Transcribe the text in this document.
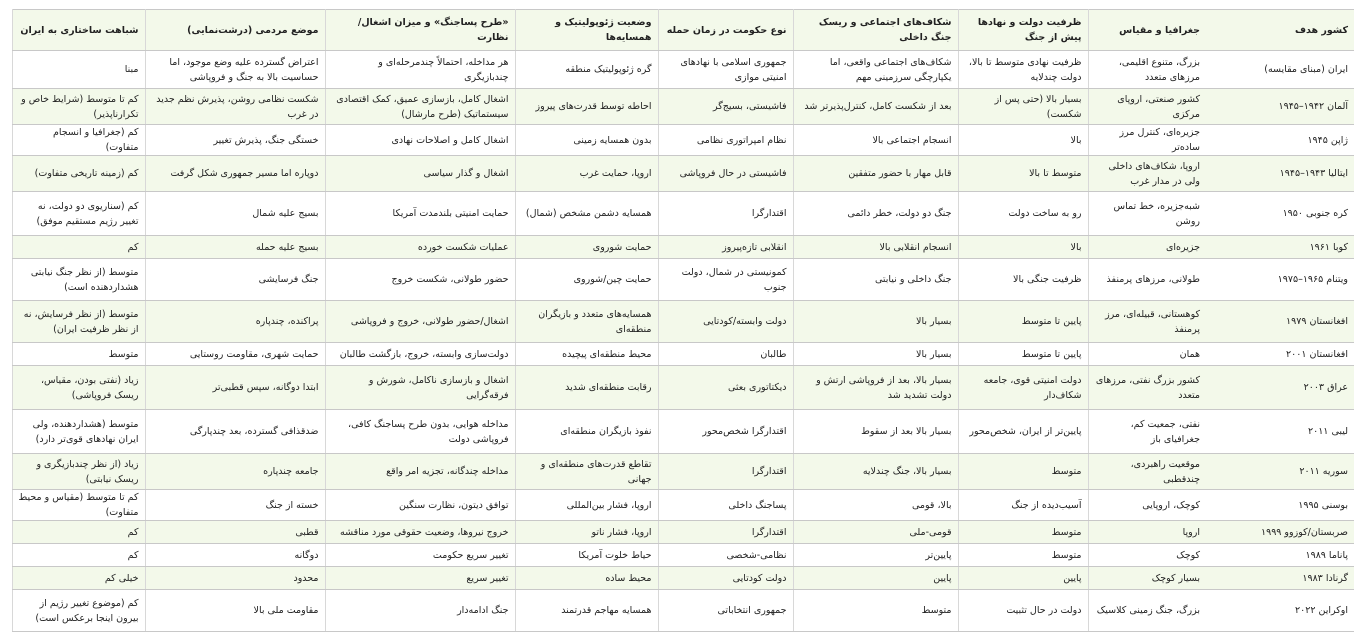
کشور هدف	جغرافیا و مقیاس	ظرفیت دولت و نهادها پیش از جنگ	شکاف‌های اجتماعی و ریسک جنگ داخلی	نوع حکومت در زمان حمله	وضعیت ژئوپولیتیک و همسایه‌ها	«طرح پساجنگ» و میزان اشغال/نظارت	موضع مردمی (درشت‌نمایی)	شباهت ساختاری به ایران
ایران (مبنای مقایسه)	بزرگ، متنوع اقلیمی، مرزهای متعدد	ظرفیت نهادی متوسط تا بالا، دولت چندلایه	شکاف‌های اجتماعی واقعی، اما یکپارچگی سرزمینی مهم	جمهوری اسلامی با نهادهای امنیتی موازی	گره ژئوپولیتیک منطقه	هر مداخله، احتمالاً چندمرحله‌ای و چندبازیگری	اعتراض گسترده علیه وضع موجود، اما حساسیت بالا به جنگ و فروپاشی	مبنا
آلمان ۱۹۴۲–۱۹۴۵	کشور صنعتی، اروپای مرکزی	بسیار بالا (حتی پس از شکست)	بعد از شکست کامل، کنترل‌پذیرتر شد	فاشیستی، بسیج‌گر	احاطه توسط قدرت‌های پیروز	اشغال کامل، بازسازی عمیق، کمک اقتصادی سیستماتیک (طرح مارشال)	شکست نظامی روشن، پذیرش نظم جدید در غرب	کم تا متوسط (شرایط خاص و تکرارناپذیر)
ژاپن ۱۹۴۵	جزیره‌ای، کنترل مرز ساده‌تر	بالا	انسجام اجتماعی بالا	نظام امپراتوری نظامی	بدون همسایه زمینی	اشغال کامل و اصلاحات نهادی	خستگی جنگ، پذیرش تغییر	کم (جغرافیا و انسجام متفاوت)
ایتالیا ۱۹۴۳–۱۹۴۵	اروپا، شکاف‌های داخلی ولی در مدار غرب	متوسط تا بالا	قابل مهار با حضور متفقین	فاشیستی در حال فروپاشی	اروپا، حمایت غرب	اشغال و گذار سیاسی	دوپاره اما مسیر جمهوری شکل گرفت	کم (زمینه تاریخی متفاوت)
کره جنوبی ۱۹۵۰	شبه‌جزیره، خط تماس روشن	رو به ساخت دولت	جنگ دو دولت، خطر دائمی	اقتدارگرا	همسایه دشمن مشخص (شمال)	حمایت امنیتی بلندمدت آمریکا	بسیج علیه شمال	کم (سناریوی دو دولت، نه تغییر رژیم مستقیم موفق)
کوبا ۱۹۶۱	جزیره‌ای	بالا	انسجام انقلابی بالا	انقلابی تازه‌پیروز	حمایت شوروی	عملیات شکست خورده	بسیج علیه حمله	کم
ویتنام ۱۹۶۵–۱۹۷۵	طولانی، مرزهای پرمنفذ	ظرفیت جنگی بالا	جنگ داخلی و نیابتی	کمونیستی در شمال، دولت جنوب	حمایت چین/شوروی	حضور طولانی، شکست خروج	جنگ فرسایشی	متوسط (از نظر جنگ نیابتی هشداردهنده است)
افغانستان ۱۹۷۹	کوهستانی، قبیله‌ای، مرز پرمنفذ	پایین تا متوسط	بسیار بالا	دولت وابسته/کودتایی	همسایه‌های متعدد و بازیگران منطقه‌ای	اشغال/حضور طولانی، خروج و فروپاشی	پراکنده، چندپاره	متوسط (از نظر فرسایش، نه از نظر ظرفیت ایران)
افغانستان ۲۰۰۱	همان	پایین تا متوسط	بسیار بالا	طالبان	محیط منطقه‌ای پیچیده	دولت‌سازی وابسته، خروج، بازگشت طالبان	حمایت شهری، مقاومت روستایی	متوسط
عراق ۲۰۰۳	کشور بزرگ نفتی، مرزهای متعدد	دولت امنیتی قوی، جامعه شکاف‌دار	بسیار بالا، بعد از فروپاشی ارتش و دولت تشدید شد	دیکتاتوری بعثی	رقابت منطقه‌ای شدید	اشغال و بازسازی ناکامل، شورش و فرقه‌گرایی	ابتدا دوگانه، سپس قطبی‌تر	زیاد (نفتی بودن، مقیاس، ریسک فروپاشی)
لیبی ۲۰۱۱	نفتی، جمعیت کم، جغرافیای باز	پایین‌تر از ایران، شخص‌محور	بسیار بالا بعد از سقوط	اقتدارگرا شخص‌محور	نفوذ بازیگران منطقه‌ای	مداخله هوایی، بدون طرح پساجنگ کافی، فروپاشی دولت	ضدقذافی گسترده، بعد چندپارگی	متوسط (هشداردهنده، ولی ایران نهادهای قوی‌تر دارد)
سوریه ۲۰۱۱	موقعیت راهبردی، چندقطبی	متوسط	بسیار بالا، جنگ چندلایه	اقتدارگرا	تقاطع قدرت‌های منطقه‌ای و جهانی	مداخله چندگانه، تجزیه امر واقع	جامعه چندپاره	زیاد (از نظر چندبازیگری و ریسک نیابتی)
بوسنی ۱۹۹۵	کوچک، اروپایی	آسیب‌دیده از جنگ	بالا، قومی	پساجنگ داخلی	اروپا، فشار بین‌المللی	توافق دیتون، نظارت سنگین	خسته از جنگ	کم تا متوسط (مقیاس و محیط متفاوت)
صربستان/کوزوو ۱۹۹۹	اروپا	متوسط	قومی-ملی	اقتدارگرا	اروپا، فشار ناتو	خروج نیروها، وضعیت حقوقی مورد مناقشه	قطبی	کم
پاناما ۱۹۸۹	کوچک	متوسط	پایین‌تر	نظامی-شخصی	حیاط خلوت آمریکا	تغییر سریع حکومت	دوگانه	کم
گرنادا ۱۹۸۳	بسیار کوچک	پایین	پایین	دولت کودتایی	محیط ساده	تغییر سریع	محدود	خیلی کم
اوکراین ۲۰۲۲	بزرگ، جنگ زمینی کلاسیک	دولت در حال تثبیت	متوسط	جمهوری انتخاباتی	همسایه مهاجم قدرتمند	جنگ ادامه‌دار	مقاومت ملی بالا	کم (موضوع تغییر رژیم از بیرون اینجا برعکس است)
